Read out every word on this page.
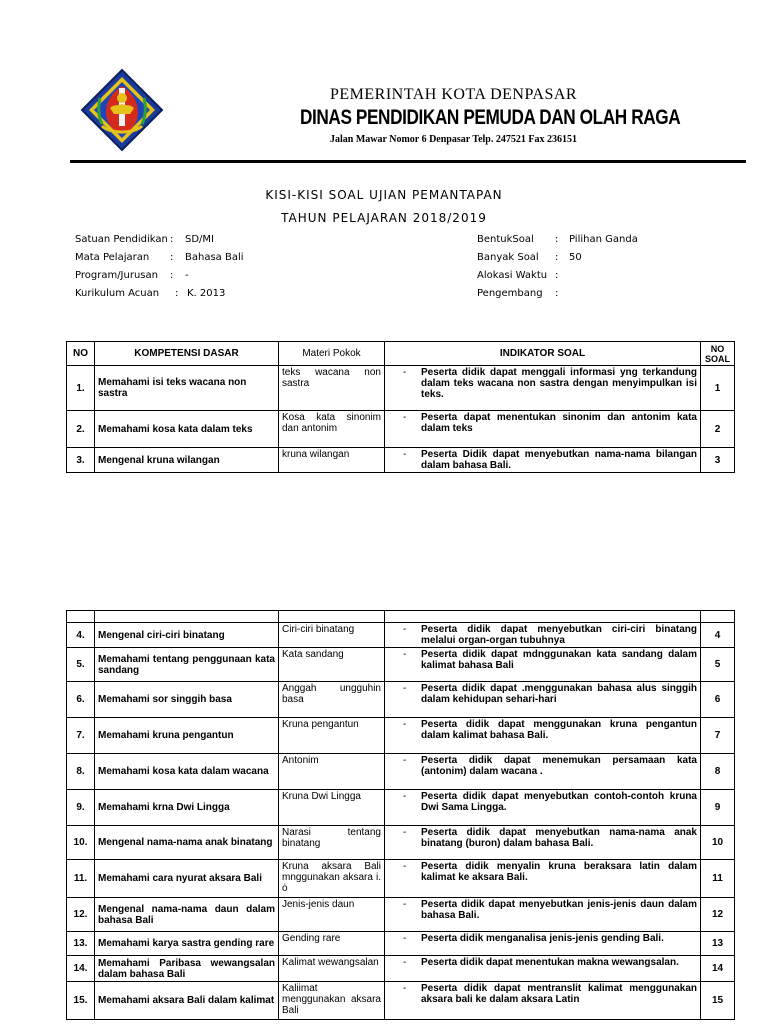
PEMERINTAH KOTA DENPASAR
DINAS PENDIDIKAN PEMUDA DAN OLAH RAGA
Jalan Mawar Nomor 6 Denpasar Telp. 247521 Fax 236151
KISI-KISI SOAL UJIAN PEMANTAPAN
TAHUN PELAJARAN 2018/2019
Satuan Pendidikan : SD/MI
Mata Pelajaran : Bahasa Bali
Program/Jurusan : -
Kurikulum Acuan : K. 2013
BentukSoal : Pilihan Ganda
Banyak Soal : 50
Alokasi Waktu :
Pengembang :
NO	KOMPETENSI DASAR	Materi Pokok	INDIKATOR SOAL	NO SOAL
1.	Memahami isi teks wacana non sastra	teks wacana non sastra	- Peserta didik dapat menggali informasi yng terkandung dalam teks wacana non sastra dengan menyimpulkan isi teks.	1
2.	Memahami kosa kata dalam teks	Kosa kata sinonim dan antonim	- Peserta dapat menentukan sinonim dan antonim kata dalam teks	2
3.	Mengenal kruna wilangan	kruna wilangan	- Peserta Didik dapat menyebutkan nama-nama bilangan dalam bahasa Bali.	3

4.	Mengenal ciri-ciri binatang	Ciri-ciri binatang	- Peserta didik dapat menyebutkan ciri-ciri binatang melalui organ-organ tubuhnya	4
5.	Memahami tentang penggunaan kata sandang	Kata sandang	- Peserta didik dapat mdnggunakan kata sandang dalam kalimat bahasa Bali	5
6.	Memahami sor singgih basa	Anggah ungguhin basa	- Peserta didik dapat .menggunakan bahasa alus singgih dalam kehidupan sehari-hari	6
7.	Memahami kruna pengantun	Kruna pengantun	- Peserta didik dapat menggunakan kruna pengantun dalam kalimat bahasa Bali.	7
8.	Memahami kosa kata dalam wacana	Antonim	- Peserta didik dapat menemukan persamaan kata (antonim) dalam wacana .	8
9.	Memahami krna Dwi Lingga	Kruna Dwi Lingga	- Peserta didik dapat menyebutkan contoh-contoh kruna Dwi Sama Lingga.	9
10.	Mengenal nama-nama anak binatang	Narasi tentang binatang	- Peserta didik dapat menyebutkan nama-nama anak binatang (buron) dalam bahasa Bali.	10
11.	Memahami cara nyurat aksara Bali	Kruna aksara Bali mnggunakan aksara i. ȯ	- Peserta didik menyalin kruna beraksara latin dalam kalimat ke aksara Bali.	11
12.	Mengenal nama-nama daun dalam bahasa Bali	Jenis-jenis daun	- Peserta didik dapat menyebutkan jenis-jenis daun dalam bahasa Bali.	12
13.	Memahami karya sastra gending rare	Gending rare	- Peserta didik menganalisa jenis-jenis gending Bali.	13
14.	Memahami Paribasa wewangsalan dalam bahasa Bali	Kalimat wewangsalan	- Peserta didik dapat menentukan makna wewangsalan.	14
15.	Memahami aksara Bali dalam kalimat	Kaliimat menggunakan aksara Bali	- Peserta didik dapat mentranslit kalimat menggunakan aksara bali ke dalam aksara Latin	15
